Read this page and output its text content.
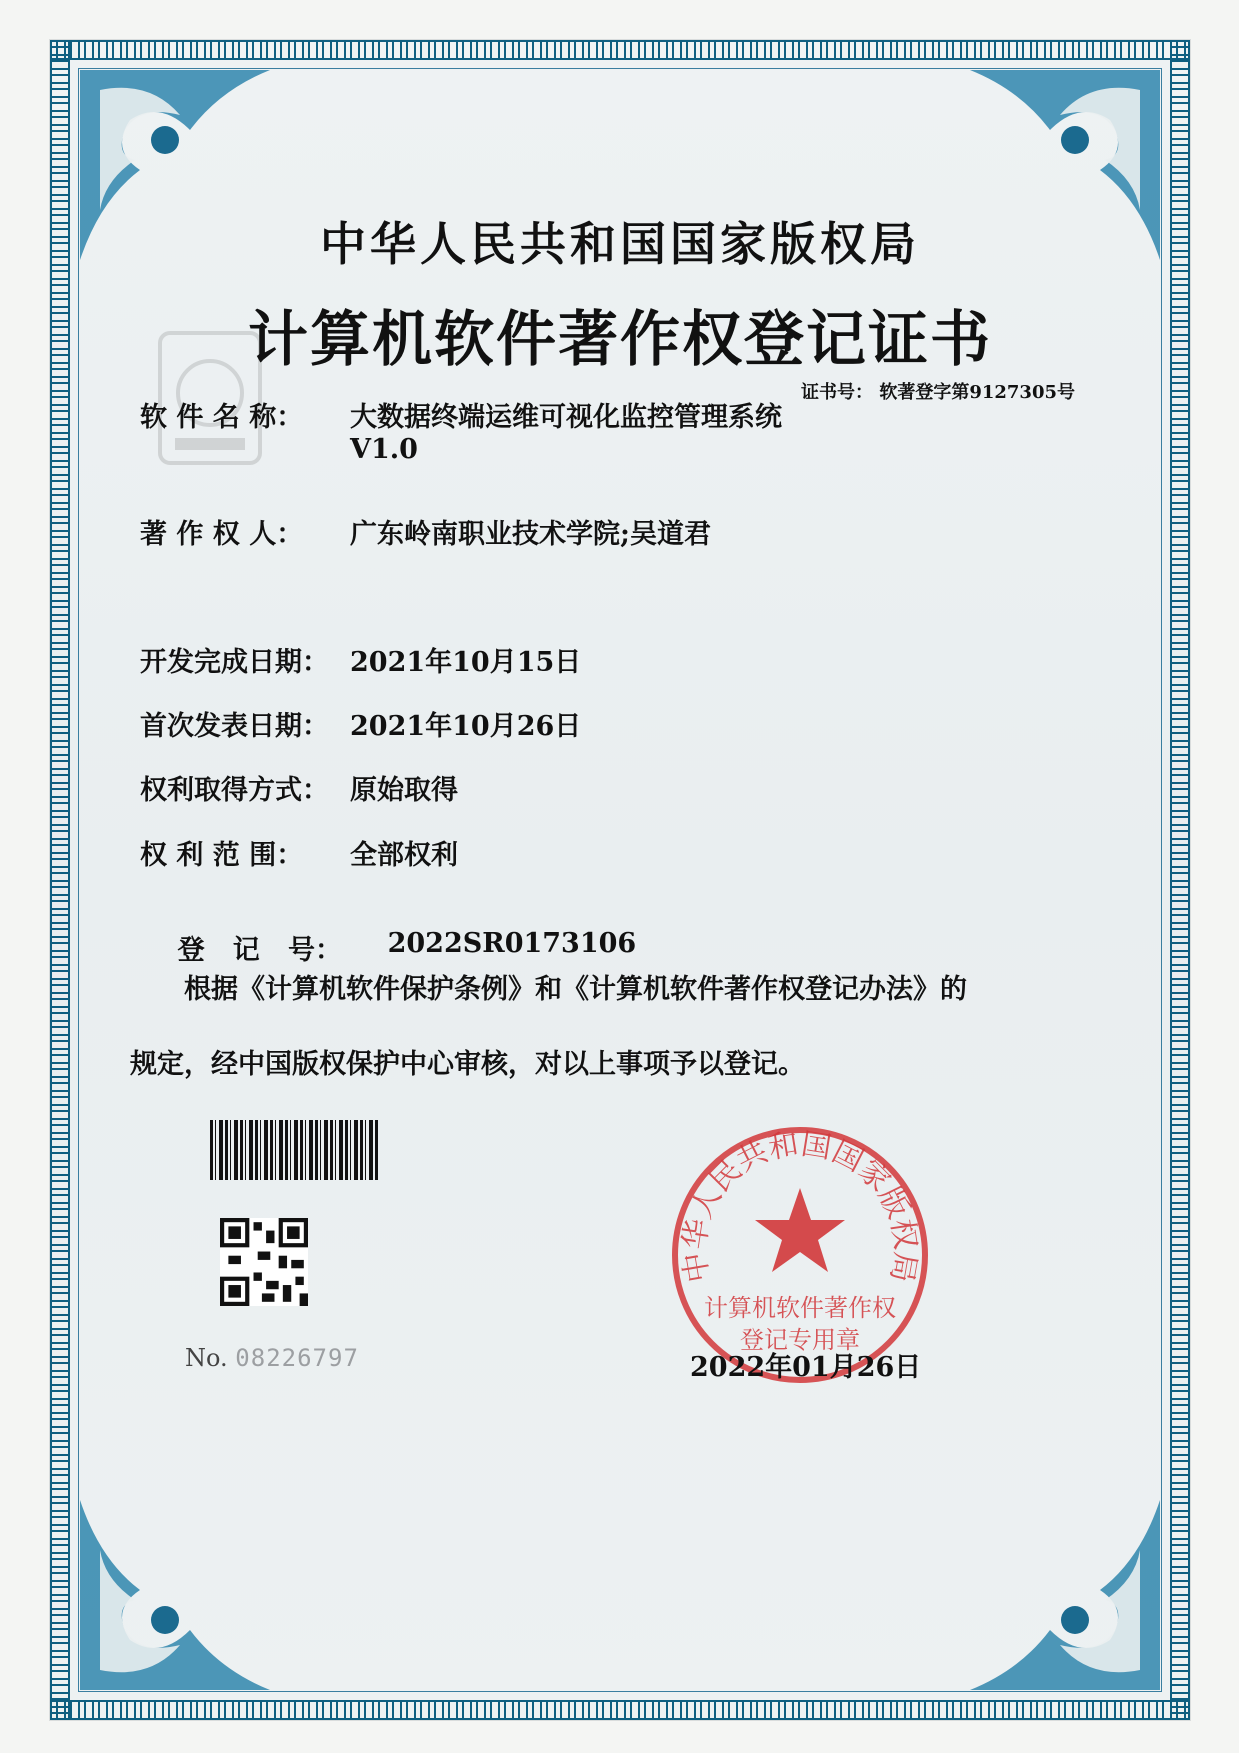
中华人民共和国国家版权局
计算机软件著作权登记证书
证书号： 软著登字第9127305号
软 件 名 称： 大数据终端运维可视化监控管理系统
V1.0
著 作 权 人： 广东岭南职业技术学院;吴道君
开发完成日期： 2021年10月15日
首次发表日期： 2021年10月26日
权利取得方式： 原始取得
权 利 范 围： 全部权利

登   记   号： 2022SR0173106

根据《计算机软件保护条例》和《计算机软件著作权登记办法》的
规定，经中国版权保护中心审核，对以上事项予以登记。
No. 08226797
中华人民共和国国家版权局
计算机软件著作权
登记专用章
2022年01月26日
